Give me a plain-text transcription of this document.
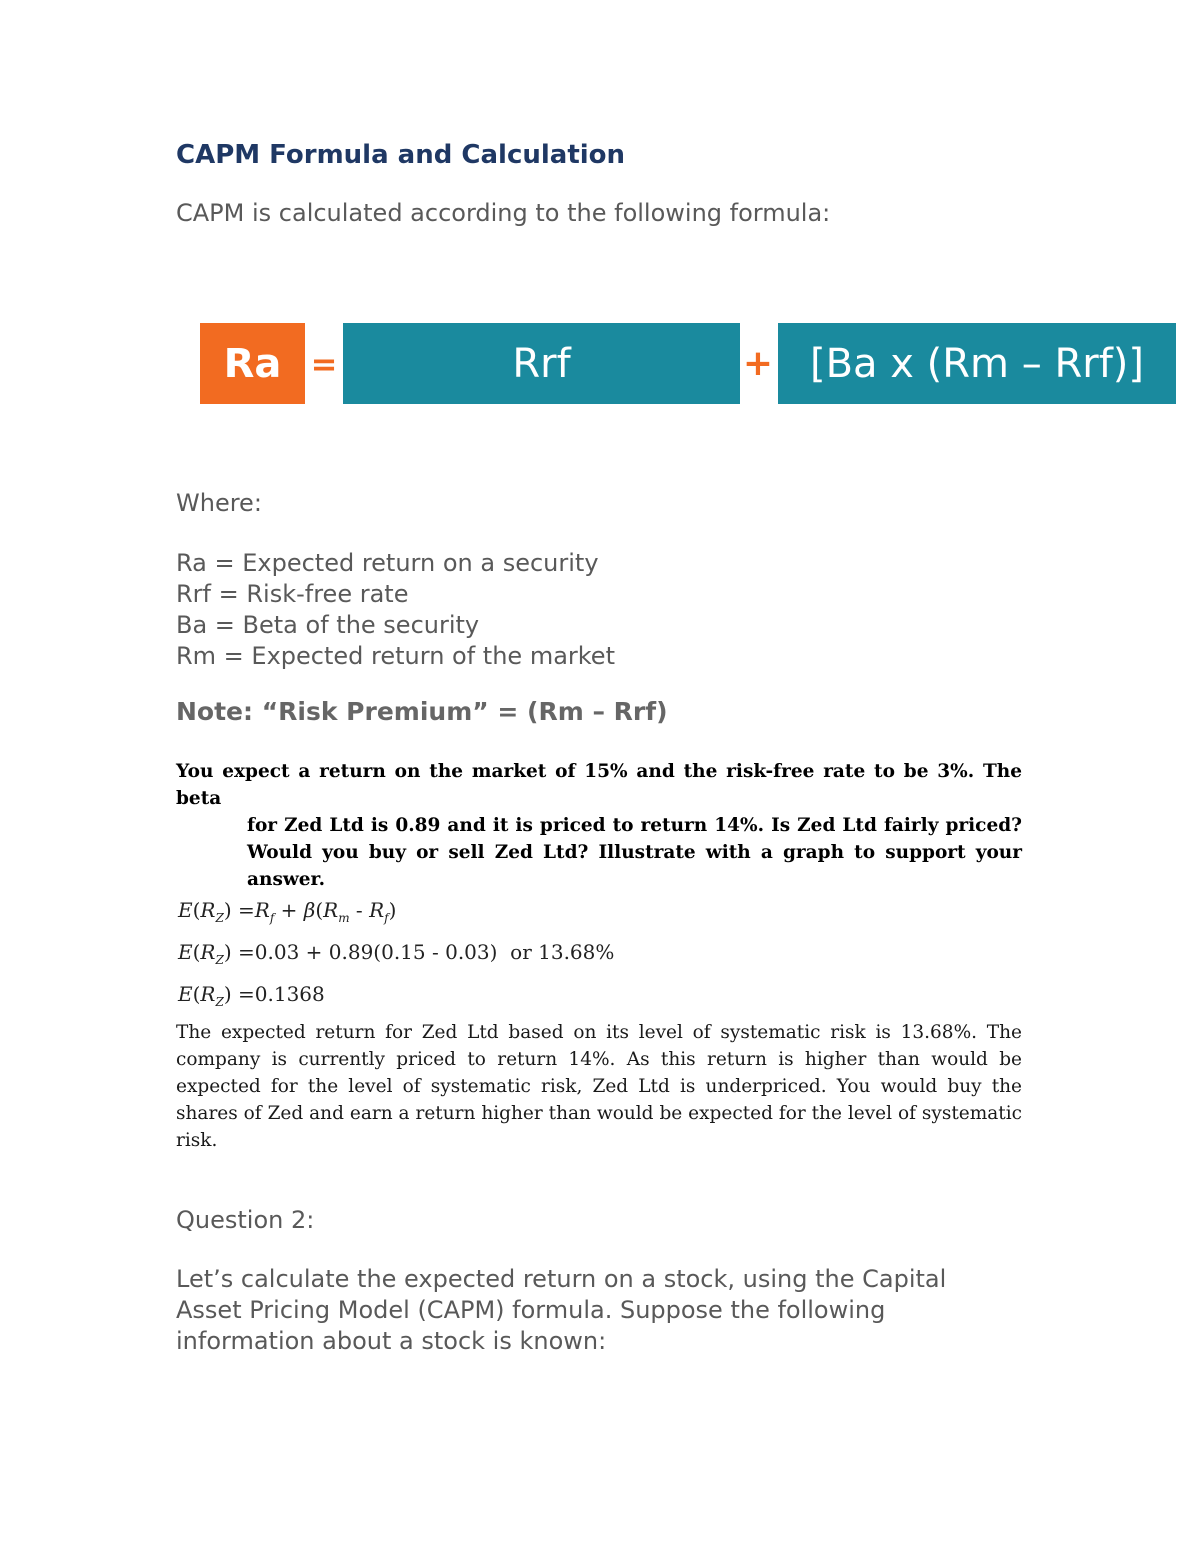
CAPM Formula and Calculation
CAPM is calculated according to the following formula:
Ra =	Rrf	+ [Ba x (Rm – Rrf)]
Where:
Ra = Expected return on a security
Rrf = Risk-free rate
Ba = Beta of the security
Rm = Expected return of the market
Note: “Risk Premium” = (Rm – Rrf)
You expect a return on the market of 15% and the risk-free rate to be 3%. The beta
for Zed Ltd is 0.89 and it is priced to return 14%. Is Zed Ltd fairly priced? Would you buy or sell Zed Ltd? Illustrate with a graph to support your answer.
$E(R_Z) =R_f + \beta(R_m - R_f)$
$E(R_Z) =0.03 + 0.89(0.15 - 0.03)$ or 13.68%
$E(R_Z) =0.1368$
The expected return for Zed Ltd based on its level of systematic risk is 13.68%. The company is currently priced to return 14%. As this return is higher than would be expected for the level of systematic risk, Zed Ltd is underpriced. You would buy the shares of Zed and earn a return higher than would be expected for the level of systematic risk.
Question 2:
Let’s calculate the expected return on a stock, using the Capital Asset Pricing Model (CAPM) formula. Suppose the following information about a stock is known:
